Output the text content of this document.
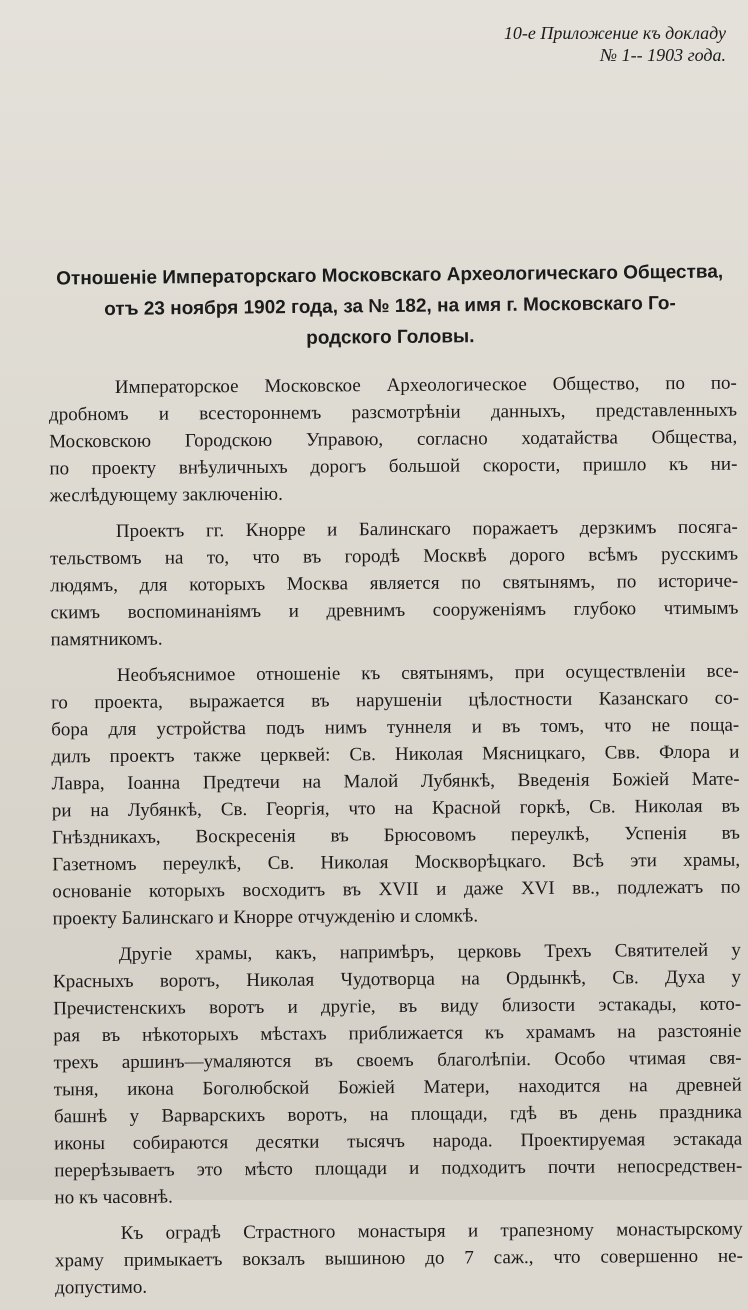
10-е Приложение къ докладу
№ 1-- 1903 года.
Отношенiе Императорскаго Московскаго Археологическаго Общества,
отъ 23 ноября 1902 года, за № 182, на имя г. Московскаго Го-
родского Головы.
Императорское Московское Археологическое Общество, по по-
дробномъ и всестороннемъ разсмотрѣнiи данныхъ, представленныхъ
Московскою Городскою Управою, согласно ходатайства Общества,
по проекту внѣуличныхъ дорогъ большой скорости, пришло къ ни-
жеслѣдующему заключенiю.
Проектъ гг. Кнорре и Балинскаго поражаетъ дерзкимъ посяга-
тельствомъ на то, что въ городѣ Москвѣ дорого всѣмъ русскимъ
людямъ, для которыхъ Москва является по святынямъ, по историче-
скимъ воспоминанiямъ и древнимъ сооруженiямъ глубоко чтимымъ
памятникомъ.
Необъяснимое отношенiе къ святынямъ, при осуществленiи все-
го проекта, выражается въ нарушенiи цѣлостности Казанскаго со-
бора для устройства подъ нимъ туннеля и въ томъ, что не пощa-
дилъ проектъ также церквей: Св. Николая Мясницкаго, Свв. Флора и
Лавра, Iоанна Предтечи на Малой Лубянкѣ, Введенiя Божiей Мате-
ри на Лубянкѣ, Св. Георгiя, что на Красной горкѣ, Св. Николая въ
Гнѣздникахъ, Воскресенiя въ Брюсовомъ переулкѣ, Успенiя въ
Газетномъ переулкѣ, Св. Николая Москворѣцкаго. Всѣ эти храмы,
основанiе которыхъ восходитъ въ XVII и даже XVI вв., подлежатъ по
проекту Балинскаго и Кнорре отчужденiю и сломкѣ.
Другiе храмы, какъ, напримѣръ, церковь Трехъ Святителей у
Красныхъ воротъ, Николая Чудотворца на Ордынкѣ, Св. Духа у
Пречистенскихъ воротъ и другiе, въ виду близости эстакады, кото-
рая въ нѣкоторыхъ мѣстахъ приближается къ храмамъ на разстоянiе
трехъ аршинъ—умаляются въ своемъ благолѣпiи. Особо чтимая свя-
тыня, икона Боголюбской Божiей Матери, находится на древней
башнѣ у Варварскихъ воротъ, на площади, гдѣ въ день праздника
иконы собираются десятки тысячъ народа. Проектируемая эстакада
перерѣзываетъ это мѣсто площади и подходитъ почти непосредствен-
но къ часовнѣ.
Къ оградѣ Страстного монастыря и трапезному монастырскому
храму примыкаетъ вокзалъ вышиною до 7 саж., что совершенно не-
допустимо.
